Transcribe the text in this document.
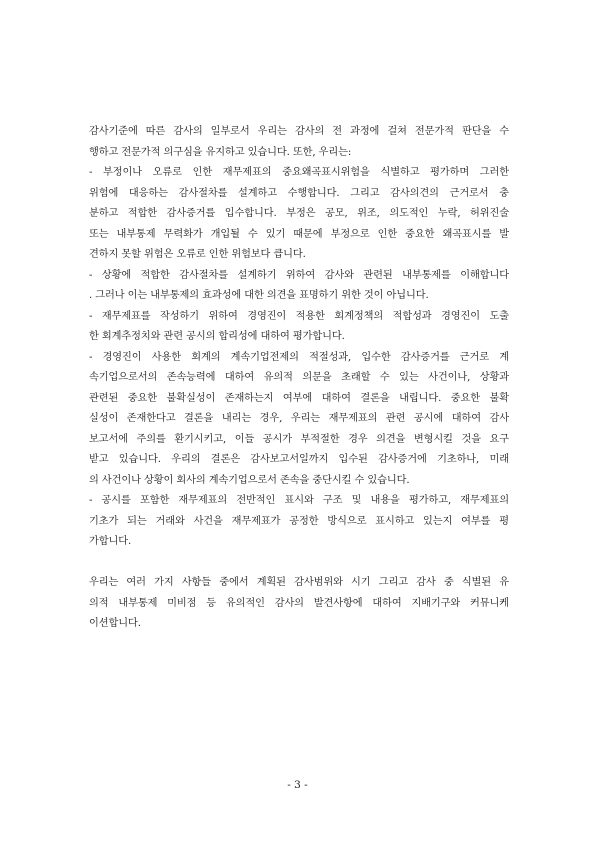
감사기준에 따른 감사의 일부로서 우리는 감사의 전 과정에 걸쳐 전문가적 판단을 수
행하고 전문가적 의구심을 유지하고 있습니다. 또한, 우리는:
- 부정이나 오류로 인한 재무제표의 중요왜곡표시위험을 식별하고 평가하며 그러한
위험에 대응하는 감사절차를 설계하고 수행합니다. 그리고 감사의견의 근거로서 충
분하고 적합한 감사증거를 입수합니다. 부정은 공모, 위조, 의도적인 누락, 허위진술
또는 내부통제 무력화가 개입될 수 있기 때문에 부정으로 인한 중요한 왜곡표시를 발
견하지 못할 위험은 오류로 인한 위험보다 큽니다.
- 상황에 적합한 감사절차를 설계하기 위하여 감사와 관련된 내부통제를 이해합니다
. 그러나 이는 내부통제의 효과성에 대한 의견을 표명하기 위한 것이 아닙니다.
- 재무제표를 작성하기 위하여 경영진이 적용한 회계정책의 적합성과 경영진이 도출
한 회계추정치와 관련 공시의 합리성에 대하여 평가합니다.
- 경영진이 사용한 회계의 계속기업전제의 적절성과, 입수한 감사증거를 근거로 계
속기업으로서의 존속능력에 대하여 유의적 의문을 초래할 수 있는 사건이나, 상황과
관련된 중요한 불확실성이 존재하는지 여부에 대하여 결론을 내립니다. 중요한 불확
실성이 존재한다고 결론을 내리는 경우, 우리는 재무제표의 관련 공시에 대하여 감사
보고서에 주의를 환기시키고, 이들 공시가 부적절한 경우 의견을 변형시킬 것을 요구
받고 있습니다. 우리의 결론은 감사보고서일까지 입수된 감사증거에 기초하나, 미래
의 사건이나 상황이 회사의 계속기업으로서 존속을 중단시킬 수 있습니다.
- 공시를 포함한 재무제표의 전반적인 표시와 구조 및 내용을 평가하고, 재무제표의
기초가 되는 거래와 사건을 재무제표가 공정한 방식으로 표시하고 있는지 여부를 평
가합니다.
우리는 여러 가지 사항들 중에서 계획된 감사범위와 시기 그리고 감사 중 식별된 유
의적 내부통제 미비점 등 유의적인 감사의 발견사항에 대하여 지배기구와 커뮤니케
이션합니다.
- 3 -
